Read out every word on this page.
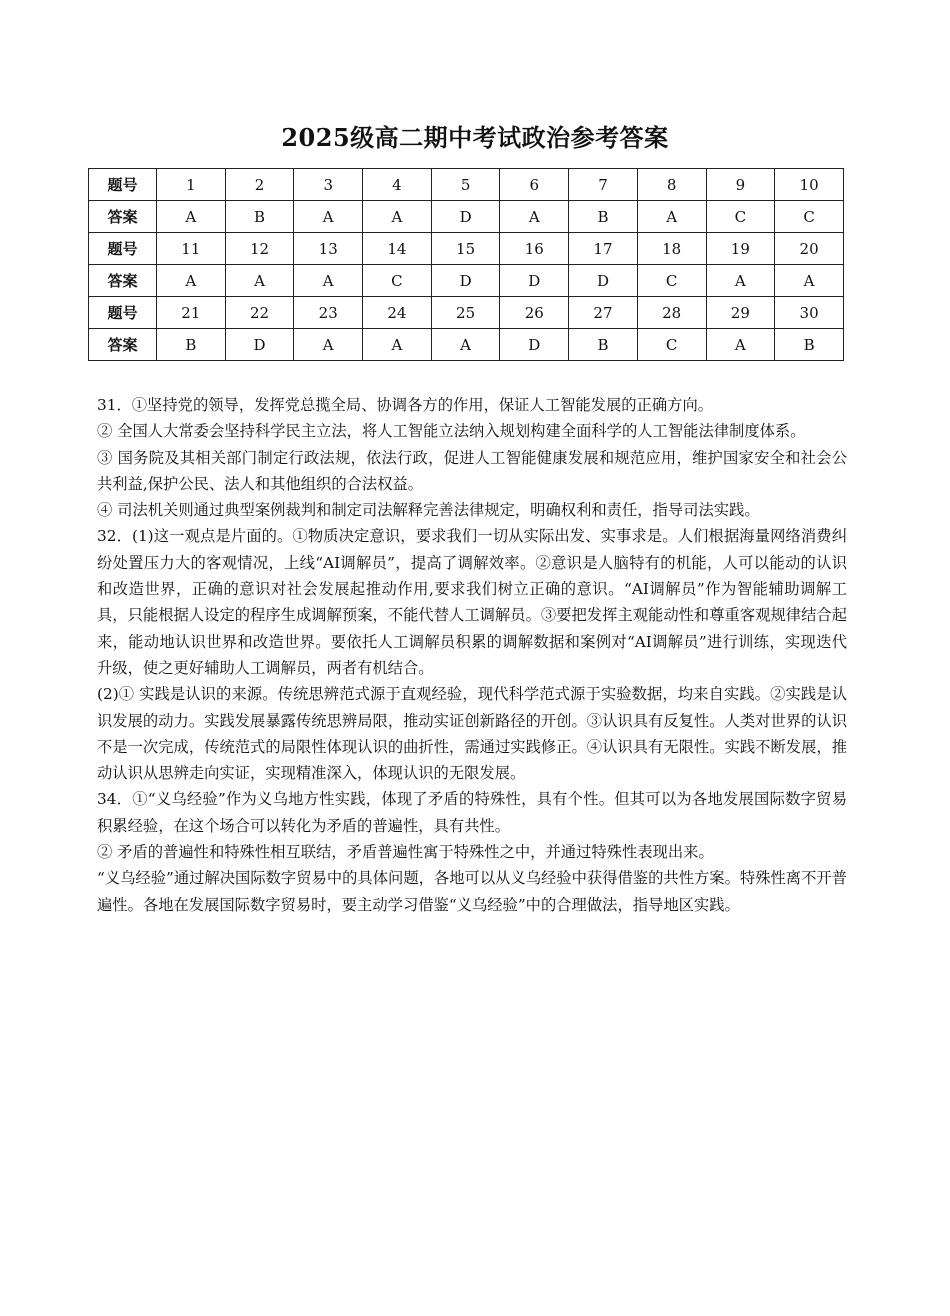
2025级高二期中考试政治参考答案
题号	1	2	3	4	5	6	7	8	9	10
答案	A	B	A	A	D	A	B	A	C	C
题号	11	12	13	14	15	16	17	18	19	20
答案	A	A	A	C	D	D	D	C	A	A
题号	21	22	23	24	25	26	27	28	29	30
答案	B	D	A	A	A	D	B	C	A	B

31．①坚持党的领导，发挥党总揽全局、协调各方的作用，保证人工智能发展的正确方向。

② 全国人大常委会坚持科学民主立法，将人工智能立法纳入规划构建全面科学的人工智能法律制度体系。

③ 国务院及其相关部门制定行政法规，依法行政，促进人工智能健康发展和规范应用，维护国家安全和社会公共利益,保护公民、法人和其他组织的合法权益。

④ 司法机关则通过典型案例裁判和制定司法解释完善法律规定，明确权利和责任，指导司法实践。

32．(1)这一观点是片面的。①物质决定意识，要求我们一切从实际出发、实事求是。人们根据海量网络消费纠纷处置压力大的客观情况，上线“AI调解员”，提高了调解效率。②意识是人脑特有的机能，人可以能动的认识和改造世界，正确的意识对社会发展起推动作用,要求我们树立正确的意识。“AI调解员”作为智能辅助调解工具，只能根据人设定的程序生成调解预案，不能代替人工调解员。③要把发挥主观能动性和尊重客观规律结合起来，能动地认识世界和改造世界。要依托人工调解员积累的调解数据和案例对“AI调解员”进行训练，实现迭代升级，使之更好辅助人工调解员，两者有机结合。

(2)① 实践是认识的来源。传统思辨范式源于直观经验，现代科学范式源于实验数据，均来自实践。②实践是认识发展的动力。实践发展暴露传统思辨局限，推动实证创新路径的开创。③认识具有反复性。人类对世界的认识不是一次完成，传统范式的局限性体现认识的曲折性，需通过实践修正。④认识具有无限性。实践不断发展，推动认识从思辨走向实证，实现精准深入，体现认识的无限发展。

34．①“义乌经验”作为义乌地方性实践，体现了矛盾的特殊性，具有个性。但其可以为各地发展国际数字贸易积累经验，在这个场合可以转化为矛盾的普遍性，具有共性。

② 矛盾的普遍性和特殊性相互联结，矛盾普遍性寓于特殊性之中，并通过特殊性表现出来。

“义乌经验”通过解决国际数字贸易中的具体问题，各地可以从义乌经验中获得借鉴的共性方案。特殊性离不开普遍性。各地在发展国际数字贸易时，要主动学习借鉴“义乌经验”中的合理做法，指导地区实践。
